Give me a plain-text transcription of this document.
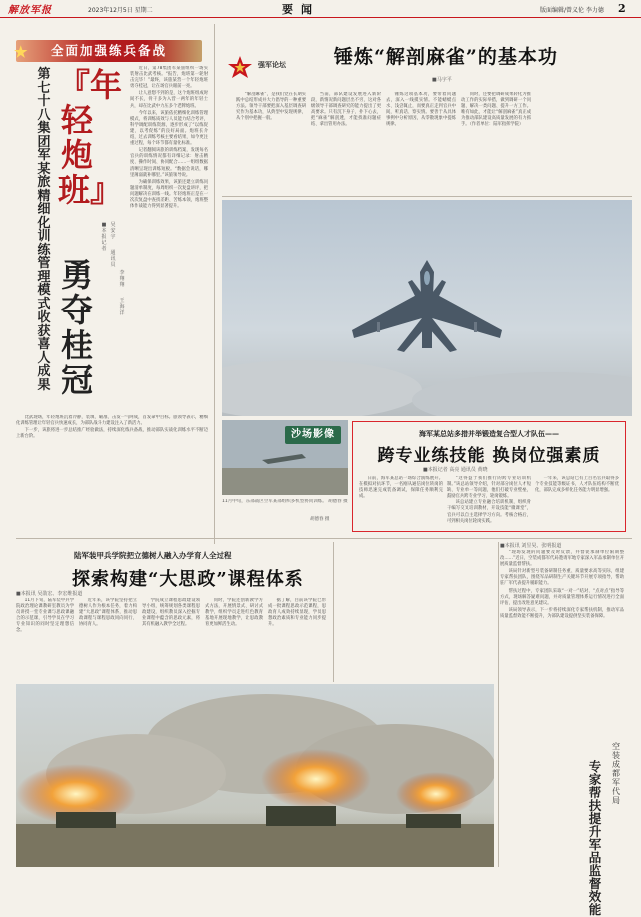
解放军报	2023年12月5日 星期二	要闻	版面编辑/曾义伦 李力德 2
★	全面加强练兵备战
第七十八集团军某旅精细化训练管理模式收获喜人成果
『年轻炮班』
勇夺桂冠
■本报记者
吴安宇
通讯员
李翔翔
王海洋

近日，第78集团军某旅组织一场实装射击比武考核。“报告，炮班第一轮射击完毕！”最终，该旅某营一个年轻炮班勇夺桂冠，让在场官兵眼前一亮。

让人意想不到的是，这个炮班组成时间不长，骨干多为入营一两年的年轻士兵，却在比武中力压多个老牌炮班。

今年以来，该旅依托精细化训练管理模式，将训练质效与人员能力结合考评，科学调配训练资源，逐步形成了“以练促建、以考促练”的良好局面。炮班长介绍，过去训练考核主要看结果，如今更注重过程，每个环节都有量化标准。

记者翻阅该旅的训练档案，发现每名官兵的训练情况都有详细记录：射击精度、操作时间、协同配合……一组组数据清晰呈现出训练短板。“数据会说话，哪里薄弱就补哪里。”该旅领导说。

为确保训练效果，该旅还建立训练问题清单制度，每周组织一次复盘讲评，把问题解决在训练一线。年轻炮班正是在一次次复盘中查找差距、苦练本领，炮班整体作战能力得到显著提升。

比武现场，年轻炮班沉着冷静，装填、瞄准、击发一气呵成，首发命中目标。旅领导表示，精细化训练管理让年轻官兵快速成长，为部队战斗力建设注入了新活力。

下一步，该旅将进一步总结推广经验做法，持续深化练兵备战，推动部队实战化训练水平不断迈上新台阶。

强军论坛	锤炼“解剖麻雀”的基本功
■马宇平

“解剖麻雀”，是我们党在长期实践中总结形成并大力倡导的一种重要方法。领导干部要把深入基层调查研究作为基本功，从典型中发现规律，从个别中把握一般。

当前，部队建设发展进入新阶段，新情况新问题层出不穷，这对各级领导干部调查研究的能力提出了更高要求。只有沉下身子、扑下心去，把“麻雀”解剖透，才能找准问题症结、拿出管用办法。

锤炼这项基本功，要带着问题去，深入一线摸实情。不能蜻蜓点水、浅尝辄止，而要真正走到官兵中间，听真话、察实情。要善于从具体事例中分析原因，从零散现象中提炼规律。

同时，还要把调研成果转化为推动工作的实际举措，做到调研一个问题、解决一类问题、提升一方工作。唯有如此，才能让“解剖麻雀”真正成为推动部队建设高质量发展的有力抓手。（作者单位：陆军指挥学院）

沙场影像
11月中旬，东部战区空军某部组织多机型协同训练。 胡德春 摄
胡德春 摄
海军某总站多措并举锻造复合型人才队伍——
跨专业练技能 换岗位强素质
■本报记者 高亮 通讯员 黄晓

日前，海军某总站一场综合演练展开。在模拟对抗环节，一名刚从通信岗位转岗的技师迅速完成装备调试，保障任务顺利完成。

“这得益于我们推行的跨专业培训机制。”该总站领导介绍，针对部分岗位人才短缺、专业单一等问题，他们打破专业壁垒，鼓励官兵跨专业学习、轮岗锻炼。

该总站建立专业融合培训机制，组织骨干编写交叉培训教材，开设技能“微课堂”，官兵可以自主选择学习方向。考核合格后，可到相关岗位轮岗实践。

一年来，该总站已有上百名官兵取得多个专业技能等级证书，人才队伍结构不断优化，部队完成多样化任务能力明显增强。

陆军装甲兵学院把立德树人融入办学育人全过程
探索构建“大思政”课程体系
■本报讯 吴劭宏、李宏维报道

11月下旬，陆军装甲兵学院政治理论课教研室教员为学员讲授一堂专业课与思政课融合的示范课，引导学员在学习专业知识的同时坚定理想信念。

近年来，该学院坚持把立德树人作为根本任务，着力构建“大思政”课程体系，推动思政课程与课程思政同向同行、协同育人。

学院成立课程思政建设领导小组，统筹规划各类课程思政建设，组织教员深入挖掘专业课程中蕴含的思政元素，将其有机融入教学全过程。

同时，学院还创新教学方式方法，开展情景式、研讨式教学，组织学员走进红色教育基地开展现地教学，让思政教育更加鲜活生动。

据了解，目前该学院已形成一批课程思政示范课程，思政育人成效持续显现，学员思想政治素质和专业能力同步提升。

■本报讯 刘昱昊、张明报道

“现场发现的问题要及时反馈，并督促承制单位限期整改……”近日，空装成都军代局邀请军地专家深入军品承制单位开展质量监督帮扶。

该局针对新型号装备研制任务重、质量要求高等实际，组建专家帮扶团队，围绕军品研制生产关键环节开展专项指导，帮助驻厂军代表提升履职能力。

帮扶过程中，专家团队采取“一对一”结对、“点对点”指导等方式，现场解答疑难问题，并对质量管理体系运行情况进行全面评估，提出改进意见建议。

该局领导表示，下一步将持续深化专家帮扶机制，推动军品质量监督效能不断提升，为部队建设提供坚实装备保障。

空装成都军代局
专家帮扶提升军品监督效能
